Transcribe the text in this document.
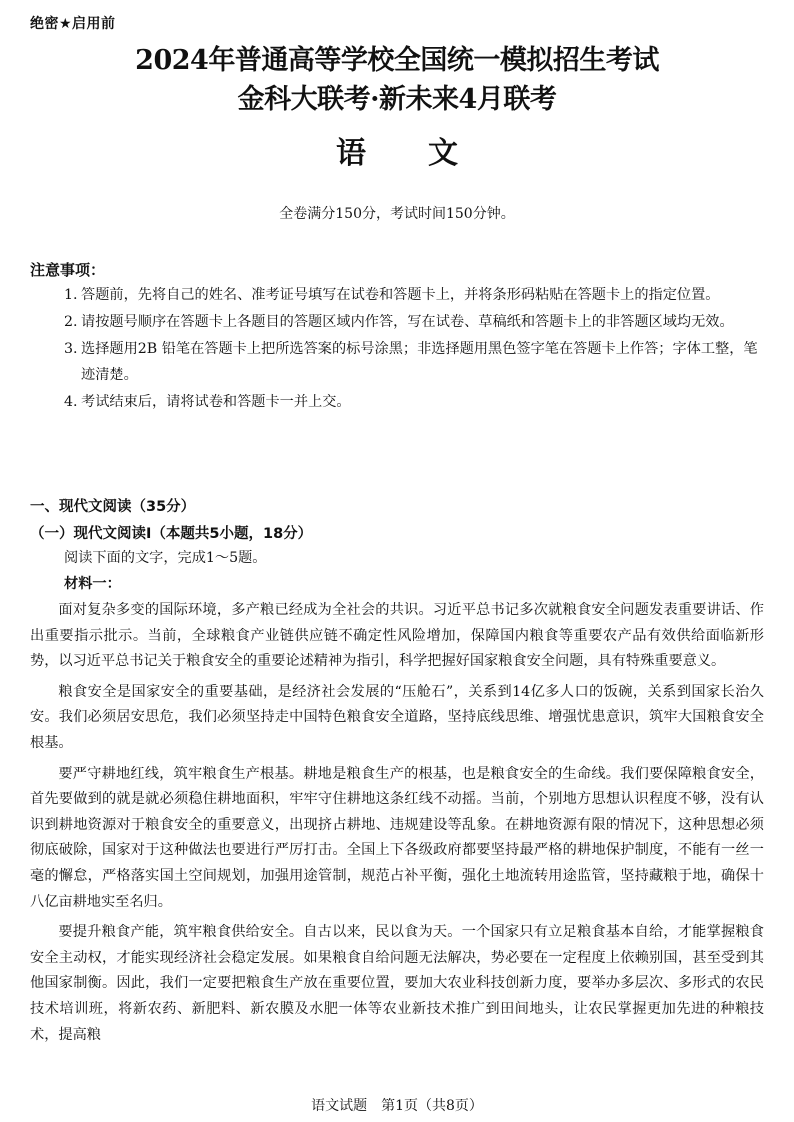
绝密★启用前
2024年普通高等学校全国统一模拟招生考试
金科大联考·新未来4月联考
语 文
全卷满分150分，考试时间150分钟。
注意事项：
1. 答题前，先将自己的姓名、准考证号填写在试卷和答题卡上，并将条形码粘贴在答题卡上的指定位置。
2. 请按题号顺序在答题卡上各题目的答题区域内作答，写在试卷、草稿纸和答题卡上的非答题区域均无效。
3. 选择题用2B 铅笔在答题卡上把所选答案的标号涂黑；非选择题用黑色签字笔在答题卡上作答；字体工整，笔迹清楚。
4. 考试结束后，请将试卷和答题卡一并上交。
一、现代文阅读（35分）
（一）现代文阅读Ⅰ（本题共5小题，18分）
阅读下面的文字，完成1～5题。
材料一：

面对复杂多变的国际环境，多产粮已经成为全社会的共识。习近平总书记多次就粮食安全问题发表重要讲话、作出重要指示批示。当前，全球粮食产业链供应链不确定性风险增加，保障国内粮食等重要农产品有效供给面临新形势，以习近平总书记关于粮食安全的重要论述精神为指引，科学把握好国家粮食安全问题，具有特殊重要意义。

粮食安全是国家安全的重要基础，是经济社会发展的“压舱石”，关系到14亿多人口的饭碗，关系到国家长治久安。我们必须居安思危，我们必须坚持走中国特色粮食安全道路，坚持底线思维、增强忧患意识，筑牢大国粮食安全根基。

要严守耕地红线，筑牢粮食生产根基。耕地是粮食生产的根基，也是粮食安全的生命线。我们要保障粮食安全，首先要做到的就是就必须稳住耕地面积，牢牢守住耕地这条红线不动摇。当前，个别地方思想认识程度不够，没有认识到耕地资源对于粮食安全的重要意义，出现挤占耕地、违规建设等乱象。在耕地资源有限的情况下，这种思想必须彻底破除，国家对于这种做法也要进行严厉打击。全国上下各级政府都要坚持最严格的耕地保护制度，不能有一丝一毫的懈怠，严格落实国土空间规划，加强用途管制，规范占补平衡，强化土地流转用途监管，坚持藏粮于地，确保十八亿亩耕地实至名归。

要提升粮食产能，筑牢粮食供给安全。自古以来，民以食为天。一个国家只有立足粮食基本自给，才能掌握粮食安全主动权，才能实现经济社会稳定发展。如果粮食自给问题无法解决，势必要在一定程度上依赖别国，甚至受到其他国家制衡。因此，我们一定要把粮食生产放在重要位置，要加大农业科技创新力度，要举办多层次、多形式的农民技术培训班，将新农药、新肥料、新农膜及水肥一体等农业新技术推广到田间地头，让农民掌握更加先进的种粮技术，提高粮

语文试题　第1页（共8页）
